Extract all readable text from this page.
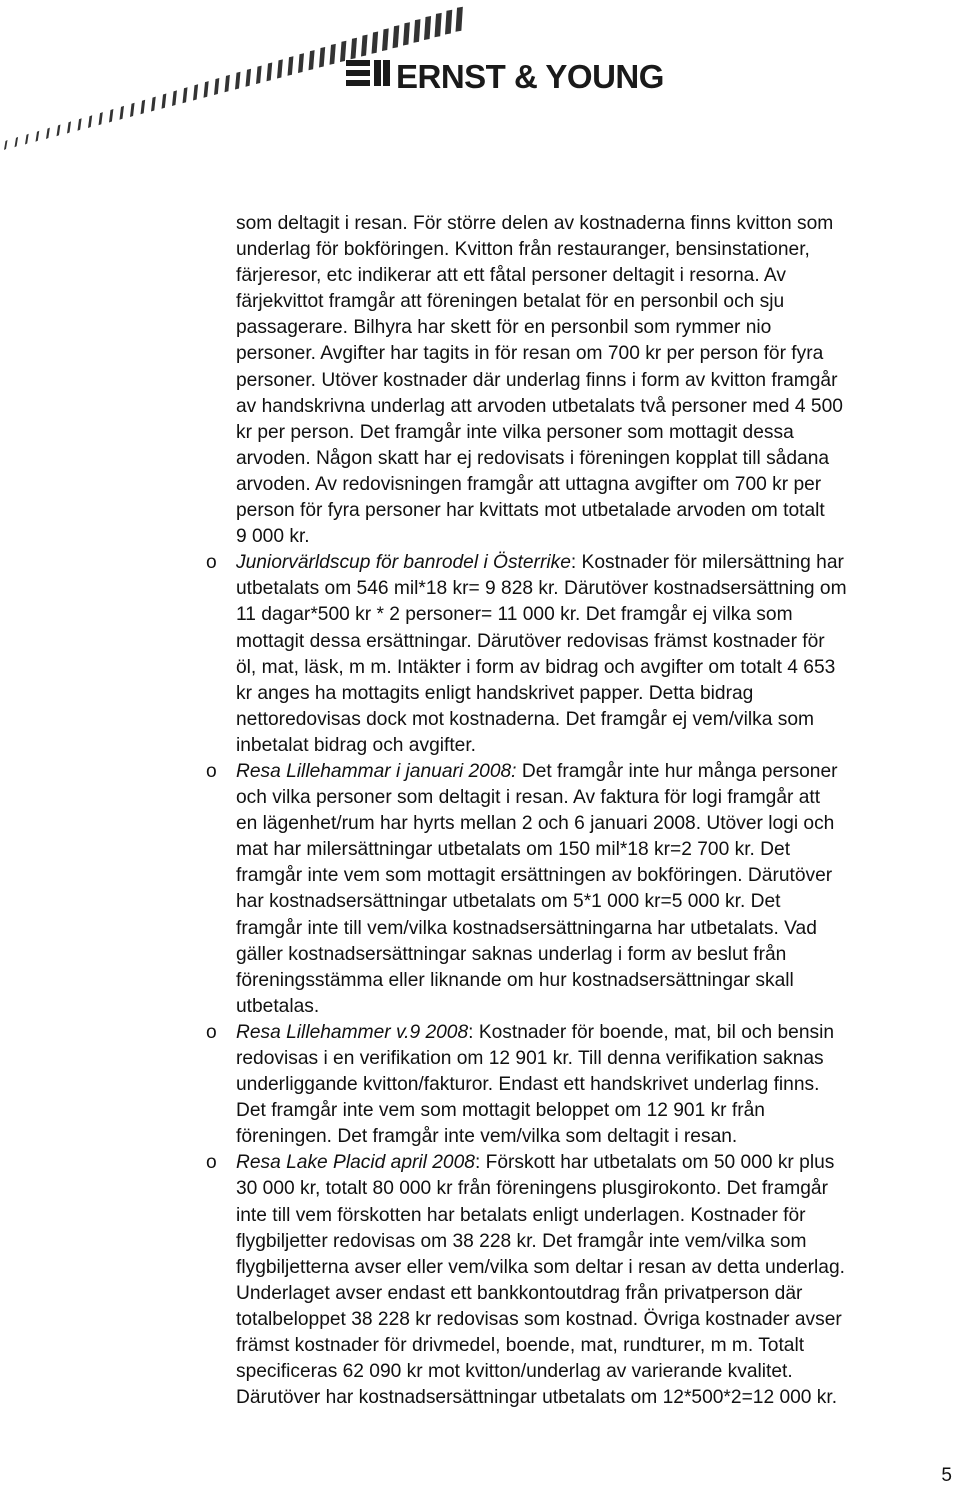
ERNST & YOUNG
som deltagit i resan. För större delen av kostnaderna finns kvitton som
underlag för bokföringen. Kvitton från restauranger, bensinstationer,
färjeresor, etc indikerar att ett fåtal personer deltagit i resorna. Av
färjekvittot framgår att föreningen betalat för en personbil och sju
passagerare. Bilhyra har skett för en personbil som rymmer nio
personer. Avgifter har tagits in för resan om 700 kr per person för fyra
personer. Utöver kostnader där underlag finns i form av kvitton framgår
av handskrivna underlag att arvoden utbetalats två personer med 4 500
kr per person. Det framgår inte vilka personer som mottagit dessa
arvoden. Någon skatt har ej redovisats i föreningen kopplat till sådana
arvoden. Av redovisningen framgår att uttagna avgifter om 700 kr per
person för fyra personer har kvittats mot utbetalade arvoden om totalt
9 000 kr.
o Juniorvärldscup för banrodel i Österrike: Kostnader för milersättning har
utbetalats om 546 mil*18 kr= 9 828 kr. Därutöver kostnadsersättning om
11 dagar*500 kr * 2 personer= 11 000 kr. Det framgår ej vilka som
mottagit dessa ersättningar. Därutöver redovisas främst kostnader för
öl, mat, läsk, m m. Intäkter i form av bidrag och avgifter om totalt 4 653
kr anges ha mottagits enligt handskrivet papper. Detta bidrag
nettoredovisas dock mot kostnaderna. Det framgår ej vem/vilka som
inbetalat bidrag och avgifter.
o Resa Lillehammar i januari 2008: Det framgår inte hur många personer
och vilka personer som deltagit i resan. Av faktura för logi framgår att
en lägenhet/rum har hyrts mellan 2 och 6 januari 2008. Utöver logi och
mat har milersättningar utbetalats om 150 mil*18 kr=2 700 kr. Det
framgår inte vem som mottagit ersättningen av bokföringen. Därutöver
har kostnadsersättningar utbetalats om 5*1 000 kr=5 000 kr. Det
framgår inte till vem/vilka kostnadsersättningarna har utbetalats. Vad
gäller kostnadsersättningar saknas underlag i form av beslut från
föreningsstämma eller liknande om hur kostnadsersättningar skall
utbetalas.
o Resa Lillehammer v.9 2008: Kostnader för boende, mat, bil och bensin
redovisas i en verifikation om 12 901 kr. Till denna verifikation saknas
underliggande kvitton/fakturor. Endast ett handskrivet underlag finns.
Det framgår inte vem som mottagit beloppet om 12 901 kr från
föreningen. Det framgår inte vem/vilka som deltagit i resan.
o Resa Lake Placid april 2008: Förskott har utbetalats om 50 000 kr plus
30 000 kr, totalt 80 000 kr från föreningens plusgirokonto. Det framgår
inte till vem förskotten har betalats enligt underlagen. Kostnader för
flygbiljetter redovisas om 38 228 kr. Det framgår inte vem/vilka som
flygbiljetterna avser eller vem/vilka som deltar i resan av detta underlag.
Underlaget avser endast ett bankkontoutdrag från privatperson där
totalbeloppet 38 228 kr redovisas som kostnad. Övriga kostnader avser
främst kostnader för drivmedel, boende, mat, rundturer, m m. Totalt
specificeras 62 090 kr mot kvitton/underlag av varierande kvalitet.
Därutöver har kostnadsersättningar utbetalats om 12*500*2=12 000 kr.
5
